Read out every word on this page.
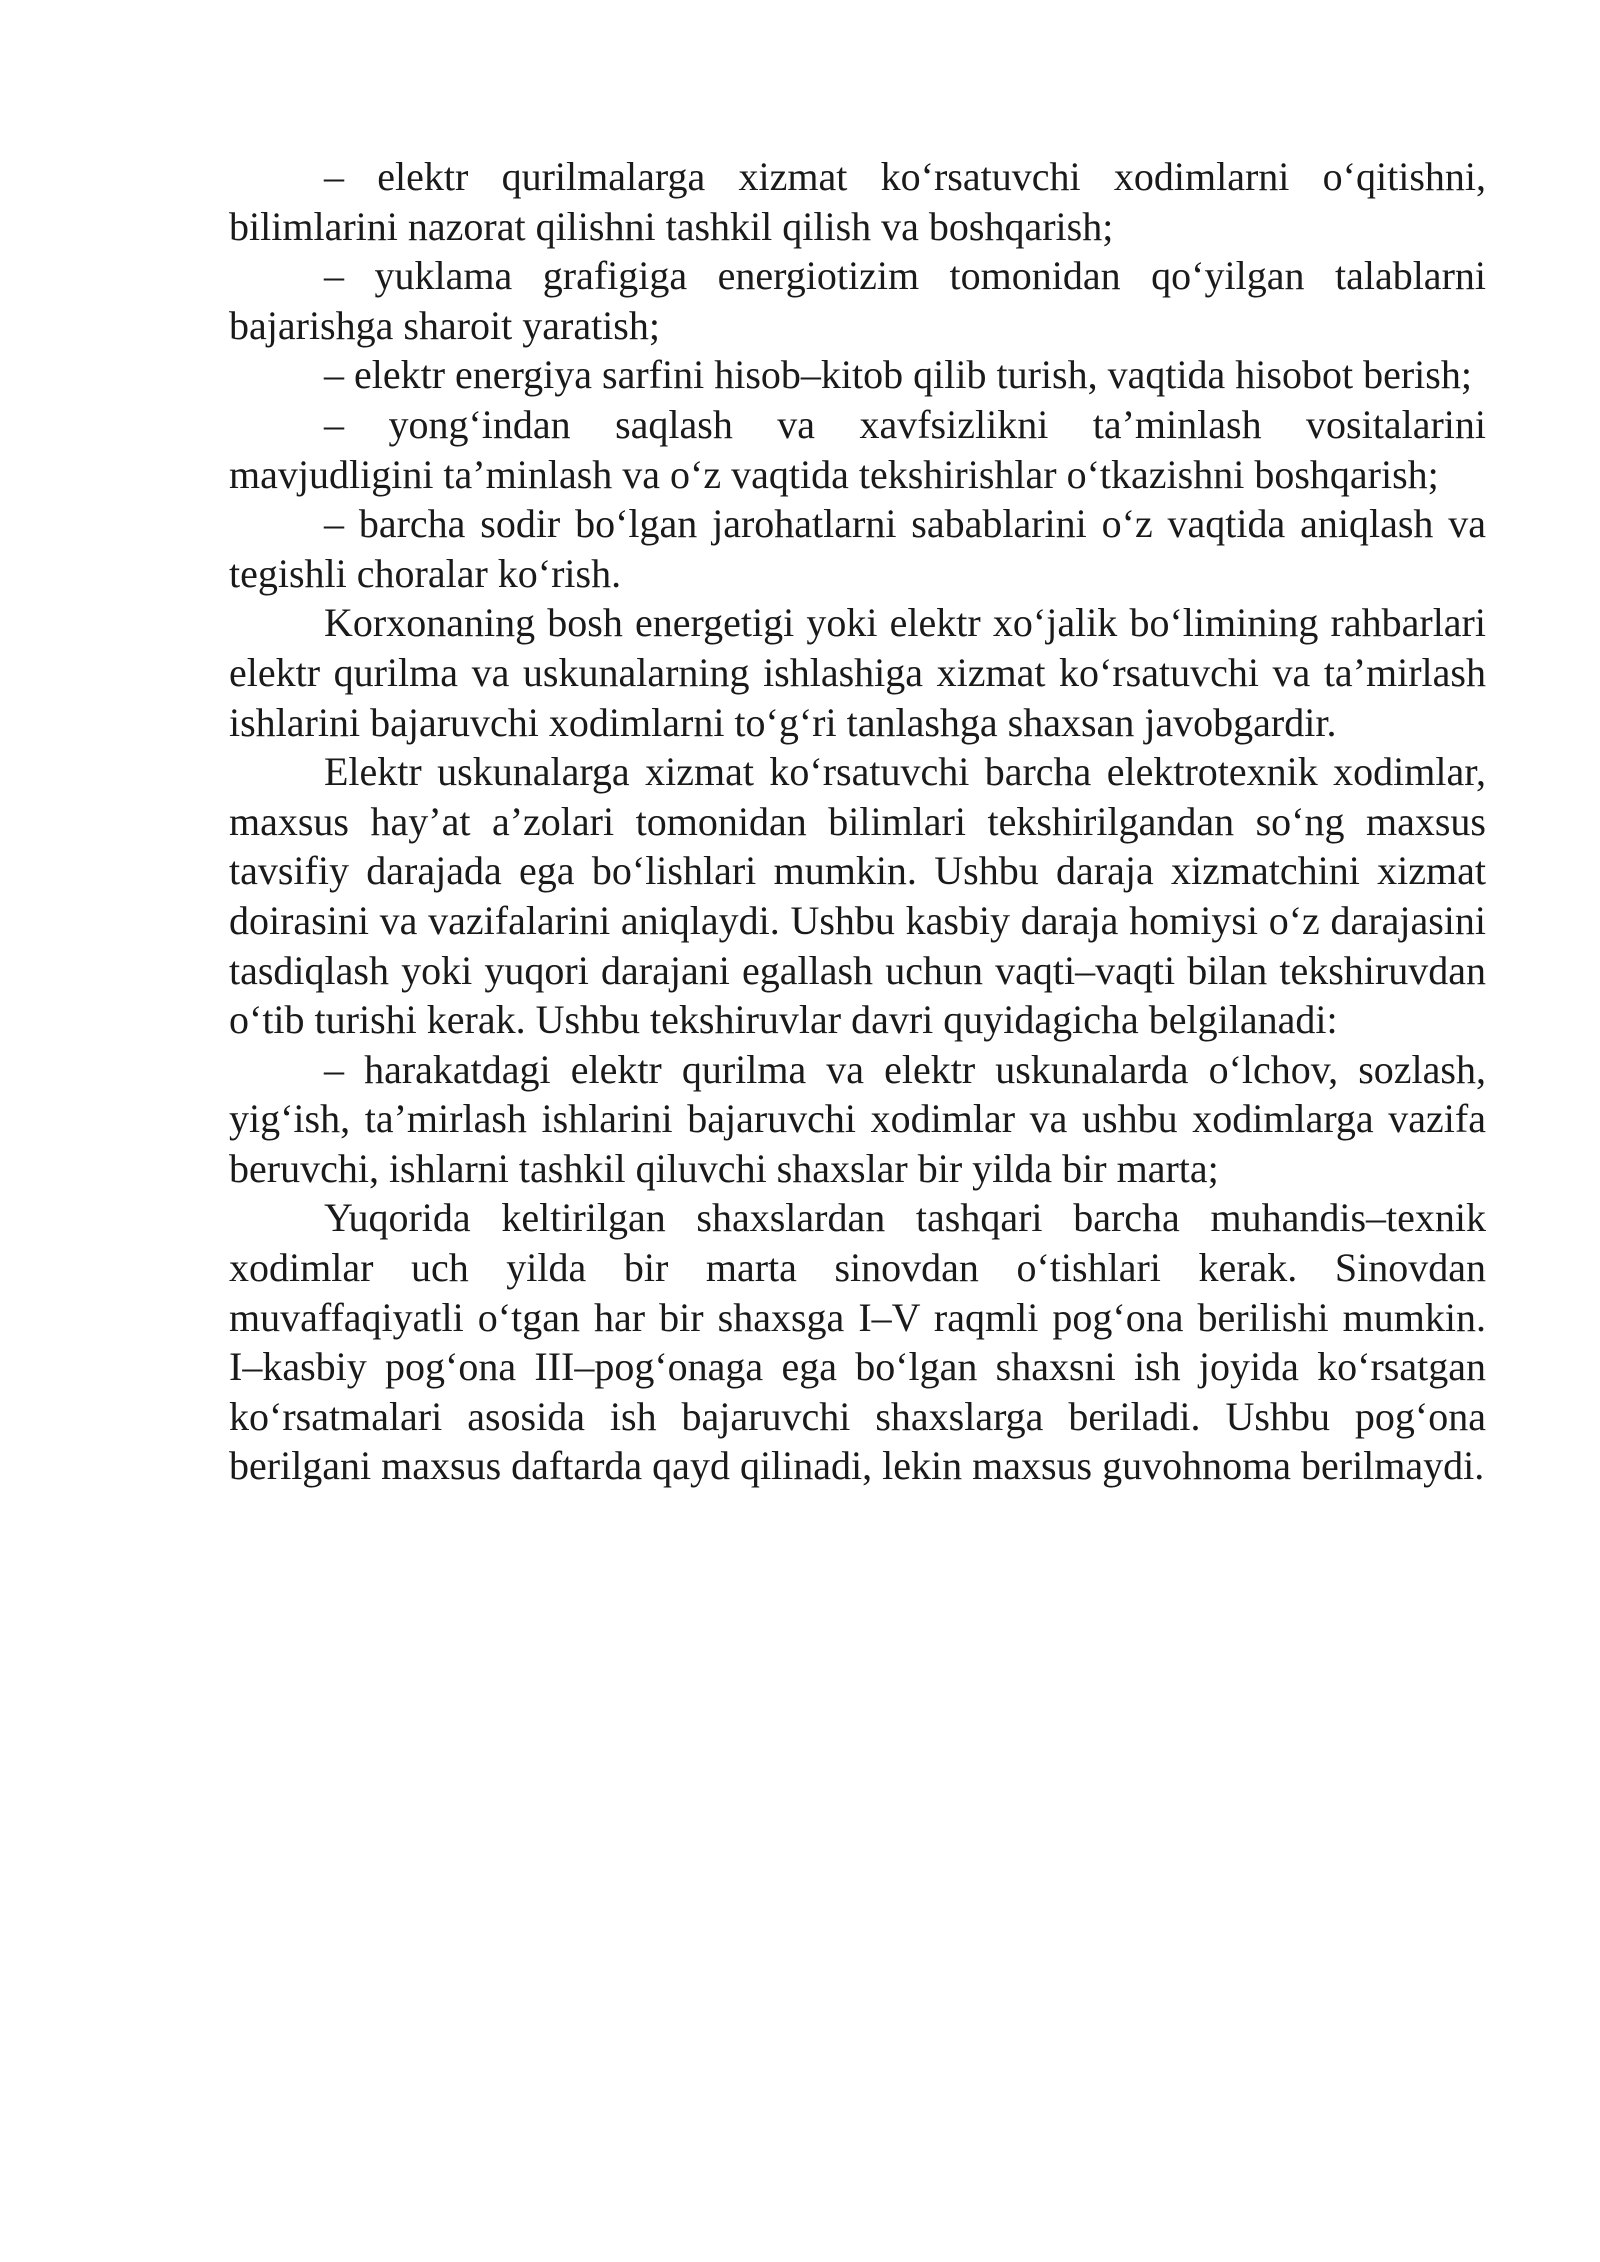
– elektr qurilmalarga xizmat ko‘rsatuvchi xodimlarni o‘qitishni, bilimlarini nazorat qilishni tashkil qilish va boshqarish;

– yuklama grafigiga energiotizim tomonidan qo‘yilgan talablarni bajarishga sharoit yaratish;

– elektr energiya sarfini hisob–kitob qilib turish, vaqtida hisobot berish;

– yong‘indan saqlash va xavfsizlikni ta’minlash vositalarini mavjudligini ta’minlash va o‘z vaqtida tekshirishlar o‘tkazishni boshqarish;

– barcha sodir bo‘lgan jarohatlarni sabablarini o‘z vaqtida aniqlash va tegishli choralar ko‘rish.

Korxonaning bosh energetigi yoki elektr xo‘jalik bo‘limining rahbarlari elektr qurilma va uskunalarning ishlashiga xizmat ko‘rsatuvchi va ta’mirlash ishlarini bajaruvchi xodimlarni to‘g‘ri tanlashga shaxsan javobgardir.

Elektr uskunalarga xizmat ko‘rsatuvchi barcha elektrotexnik xodimlar, maxsus hay’at a’zolari tomonidan bilimlari tekshirilgandan so‘ng maxsus tavsifiy darajada ega bo‘lishlari mumkin. Ushbu daraja xizmatchini xizmat doirasini va vazifalarini aniqlaydi. Ushbu kasbiy daraja homiysi o‘z darajasini tasdiqlash yoki yuqori darajani egallash uchun vaqti–vaqti bilan tekshiruvdan o‘tib turishi kerak. Ushbu tekshiruvlar davri quyidagicha belgilanadi:

– harakatdagi elektr qurilma va elektr uskunalarda o‘lchov, sozlash, yig‘ish, ta’mirlash ishlarini bajaruvchi xodimlar va ushbu xodimlarga vazifa beruvchi, ishlarni tashkil qiluvchi shaxslar bir yilda bir marta;

Yuqorida keltirilgan shaxslardan tashqari barcha muhandis–texnik xodimlar uch yilda bir marta sinovdan o‘tishlari kerak. Sinovdan muvaffaqiyatli o‘tgan har bir shaxsga I–V raqmli pog‘ona berilishi mumkin. I–kasbiy pog‘ona III–pog‘onaga ega bo‘lgan shaxsni ish joyida ko‘rsatgan ko‘rsatmalari asosida ish bajaruvchi shaxslarga beriladi. Ushbu pog‘ona berilgani maxsus daftarda qayd qilinadi, lekin maxsus guvohnoma berilmaydi.
